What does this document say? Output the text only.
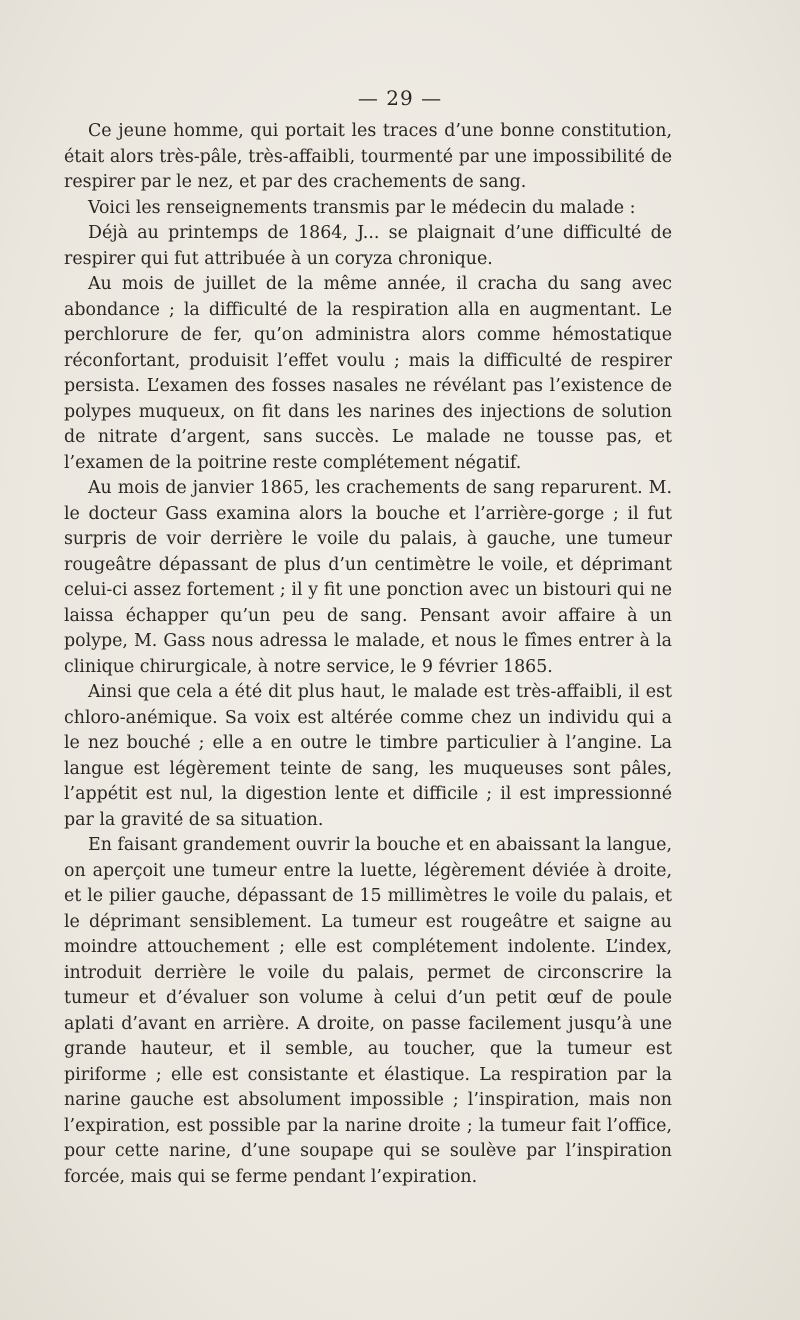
— 29 —

Ce jeune homme, qui portait les traces d’une bonne constitution, était alors très-pâle, très-affaibli, tourmenté par une impossibilité de respirer par le nez, et par des crachements de sang.

Voici les renseignements transmis par le médecin du malade :

Déjà au printemps de 1864, J... se plaignait d’une difficulté de respirer qui fut attribuée à un coryza chronique.

Au mois de juillet de la même année, il cracha du sang avec abondance ; la difficulté de la respiration alla en augmentant. Le perchlorure de fer, qu’on administra alors comme hémostatique réconfortant, produisit l’effet voulu ; mais la difficulté de respirer persista. L’examen des fosses nasales ne révélant pas l’existence de polypes muqueux, on fit dans les narines des injections de solution de nitrate d’argent, sans succès. Le malade ne tousse pas, et l’examen de la poitrine reste complétement négatif.

Au mois de janvier 1865, les crachements de sang reparurent. M. le docteur Gass examina alors la bouche et l’arrière-gorge ; il fut surpris de voir derrière le voile du palais, à gauche, une tumeur rougeâtre dépassant de plus d’un centimètre le voile, et déprimant celui-ci assez fortement ; il y fit une ponction avec un bistouri qui ne laissa échapper qu’un peu de sang. Pensant avoir affaire à un polype, M. Gass nous adressa le malade, et nous le fîmes entrer à la clinique chirurgicale, à notre service, le 9 février 1865.

Ainsi que cela a été dit plus haut, le malade est très-affaibli, il est chloro-anémique. Sa voix est altérée comme chez un individu qui a le nez bouché ; elle a en outre le timbre particulier à l’angine. La langue est légèrement teinte de sang, les muqueuses sont pâles, l’appétit est nul, la digestion lente et difficile ; il est impressionné par la gravité de sa situation.

En faisant grandement ouvrir la bouche et en abaissant la langue, on aperçoit une tumeur entre la luette, légèrement déviée à droite, et le pilier gauche, dépassant de 15 millimètres le voile du palais, et le déprimant sensiblement. La tumeur est rougeâtre et saigne au moindre attouchement ; elle est complétement indolente. L’index, introduit derrière le voile du palais, permet de circonscrire la tumeur et d’évaluer son volume à celui d’un petit œuf de poule aplati d’avant en arrière. A droite, on passe facilement jusqu’à une grande hauteur, et il semble, au toucher, que la tumeur est piriforme ; elle est consistante et élastique. La respiration par la narine gauche est absolument impossible ; l’inspiration, mais non l’expiration, est possible par la narine droite ; la tumeur fait l’office, pour cette narine, d’une soupape qui se soulève par l’inspiration forcée, mais qui se ferme pendant l’expiration.
